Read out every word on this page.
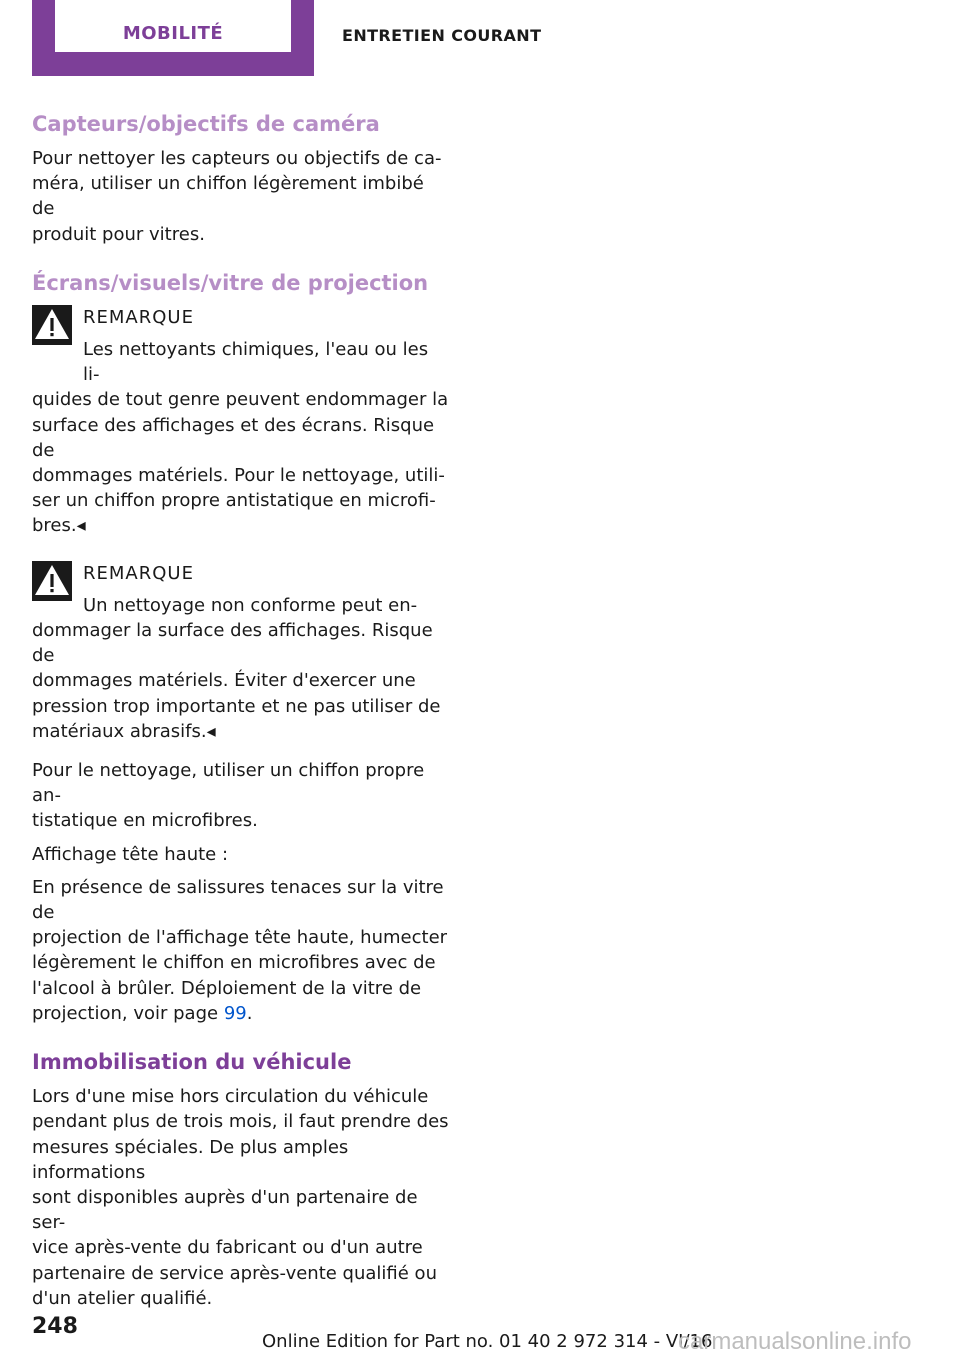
MOBILITÉ	ENTRETIEN COURANT
Capteurs/objectifs de caméra

Pour nettoyer les capteurs ou objectifs de ca-
méra, utiliser un chiffon légèrement imbibé de
produit pour vitres.

Écrans/visuels/vitre de projection
REMARQUE
Les nettoyants chimiques, l'eau ou les li-

quides de tout genre peuvent endommager la
surface des affichages et des écrans. Risque de
dommages matériels. Pour le nettoyage, utili-
ser un chiffon propre antistatique en microfi-
bres.◂

REMARQUE
Un nettoyage non conforme peut en-

dommager la surface des affichages. Risque de
dommages matériels. Éviter d'exercer une
pression trop importante et ne pas utiliser de
matériaux abrasifs.◂

Pour le nettoyage, utiliser un chiffon propre an-
tistatique en microfibres.

Affichage tête haute :

En présence de salissures tenaces sur la vitre de
projection de l'affichage tête haute, humecter
légèrement le chiffon en microfibres avec de
l'alcool à brûler. Déploiement de la vitre de
projection, voir page 99.

Immobilisation du véhicule

Lors d'une mise hors circulation du véhicule
pendant plus de trois mois, il faut prendre des
mesures spéciales. De plus amples informations
sont disponibles auprès d'un partenaire de ser-
vice après-vente du fabricant ou d'un autre
partenaire de service après-vente qualifié ou
d'un atelier qualifié.

248
Online Edition for Part no. 01 40 2 972 314 - VI/16
carmanualsonline.info
